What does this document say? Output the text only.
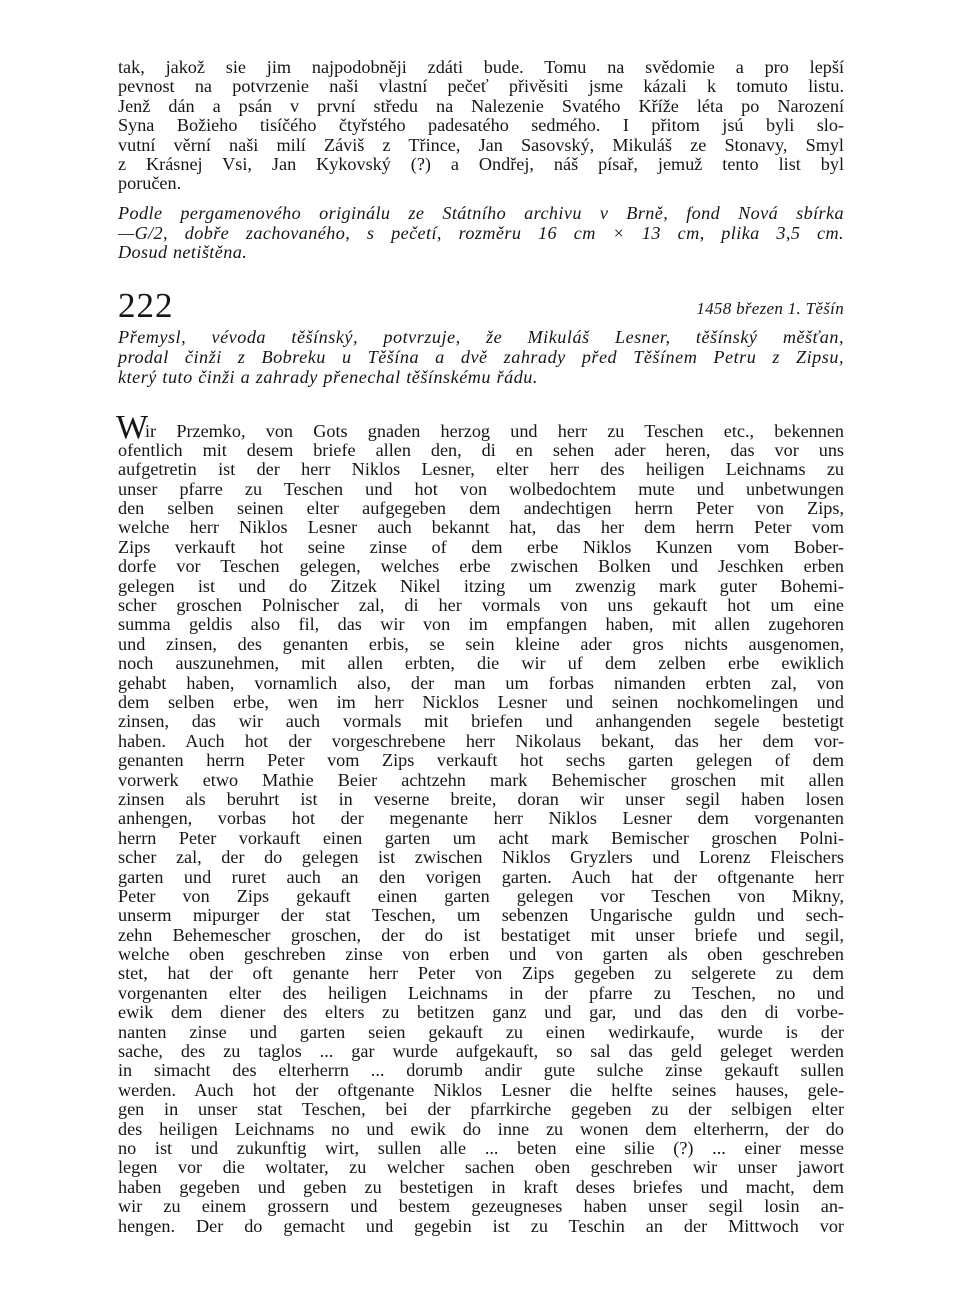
tak, jakož sie jim najpodobněji zdáti bude. Tomu na svědomie a pro lepší
pevnost na potvrzenie naši vlastní pečeť přivěsiti jsme kázali k tomuto listu.
Jenž dán a psán v první středu na Nalezenie Svatého Kříže léta po Narození
Syna Božieho tisíčého čtyřstého padesatého sedmého. I přitom jsú byli slo-
vutní věrní naši milí Záviš z Třince, Jan Sasovský, Mikuláš ze Stonavy, Smyl
z Krásnej Vsi, Jan Kykovský (?) a Ondřej, náš písař, jemuž tento list byl
poručen.
Podle pergamenového originálu ze Státního archivu v Brně, fond Nová sbírka
—G/2, dobře zachovaného, s pečetí, rozměru 16 cm × 13 cm, plika 3,5 cm.
Dosud netištěna.
222	1458 březen 1. Těšín
Přemysl, vévoda těšínský, potvrzuje, že Mikuláš Lesner, těšínský měšťan,
prodal činži z Bobreku u Těšína a dvě zahrady před Těšínem Petru z Zipsu,
který tuto činži a zahrady přenechal těšínskému řádu.
W
ir Przemko, von Gots gnaden herzog und herr zu Teschen etc., bekennen
ofentlich mit desem briefe allen den, di en sehen ader heren, das vor uns
aufgetretin ist der herr Niklos Lesner, elter herr des heiligen Leichnams zu
unser pfarre zu Teschen und hot von wolbedochtem mute und unbetwungen
den selben seinen elter aufgegeben dem andechtigen herrn Peter von Zips,
welche herr Niklos Lesner auch bekannt hat, das her dem herrn Peter vom
Zips verkauft hot seine zinse of dem erbe Niklos Kunzen vom Bober-
dorfe vor Teschen gelegen, welches erbe zwischen Bolken und Jeschken erben
gelegen ist und do Zitzek Nikel itzing um zwenzig mark guter Bohemi-
scher groschen Polnischer zal, di her vormals von uns gekauft hot um eine
summa geldis also fil, das wir von im empfangen haben, mit allen zugehoren
und zinsen, des genanten erbis, se sein kleine ader gros nichts ausgenomen,
noch auszunehmen, mit allen erbten, die wir uf dem zelben erbe ewiklich
gehabt haben, vornamlich also, der man um forbas nimanden erbten zal, von
dem selben erbe, wen im herr Nicklos Lesner und seinen nochkomelingen und
zinsen, das wir auch vormals mit briefen und anhangenden segele bestetigt
haben. Auch hot der vorgeschrebene herr Nikolaus bekant, das her dem vor-
genanten herrn Peter vom Zips verkauft hot sechs garten gelegen of dem
vorwerk etwo Mathie Beier achtzehn mark Behemischer groschen mit allen
zinsen als beruhrt ist in veserne breite, doran wir unser segil haben losen
anhengen, vorbas hot der megenante herr Niklos Lesner dem vorgenanten
herrn Peter vorkauft einen garten um acht mark Bemischer groschen Polni-
scher zal, der do gelegen ist zwischen Niklos Gryzlers und Lorenz Fleischers
garten und ruret auch an den vorigen garten. Auch hat der oftgenante herr
Peter von Zips gekauft einen garten gelegen vor Teschen von Mikny,
unserm mipurger der stat Teschen, um sebenzen Ungarische guldn und sech-
zehn Behemescher groschen, der do ist bestatiget mit unser briefe und segil,
welche oben geschreben zinse von erben und von garten als oben geschreben
stet, hat der oft genante herr Peter von Zips gegeben zu selgerete zu dem
vorgenanten elter des heiligen Leichnams in der pfarre zu Teschen, no und
ewik dem diener des elters zu betitzen ganz und gar, und das den di vorbe-
nanten zinse und garten seien gekauft zu einen wedirkaufe, wurde is der
sache, des zu taglos ... gar wurde aufgekauft, so sal das geld geleget werden
in simacht des elterherrn ... dorumb andir gute sulche zinse gekauft sullen
werden. Auch hot der oftgenante Niklos Lesner die helfte seines hauses, gele-
gen in unser stat Teschen, bei der pfarrkirche gegeben zu der selbigen elter
des heiligen Leichnams no und ewik do inne zu wonen dem elterherrn, der do
no ist und zukunftig wirt, sullen alle ... beten eine silie (?) ... einer messe
legen vor die woltater, zu welcher sachen oben geschreben wir unser jawort
haben gegeben und geben zu bestetigen in kraft deses briefes und macht, dem
wir zu einem grossern und bestem gezeugneses haben unser segil losin an-
hengen. Der do gemacht und gegebin ist zu Teschin an der Mittwoch vor
